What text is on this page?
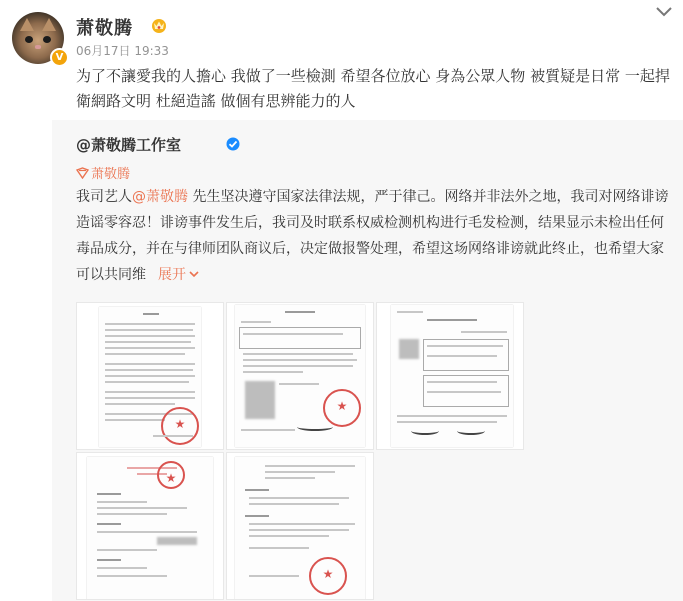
V
萧敬腾
06月17日 19:33
为了不讓愛我的人擔心 我做了一些檢測 希望各位放心 身為公眾人物 被質疑是日常 一起捍衛網路文明 杜絕造謠 做個有思辨能力的人
@萧敬腾工作室
萧敬腾
我司艺人@萧敬腾 先生坚决遵守国家法律法规，严于律己。网络并非法外之地，我司对网络诽谤造谣零容忍！诽谤事件发生后，我司及时联系权威检测机构进行毛发检测，结果显示未检出任何毒品成分，并在与律师团队商议后，决定做报警处理，希望这场网络诽谤就此终止，也希望大家可以共同维 展开
★
★
★
★
